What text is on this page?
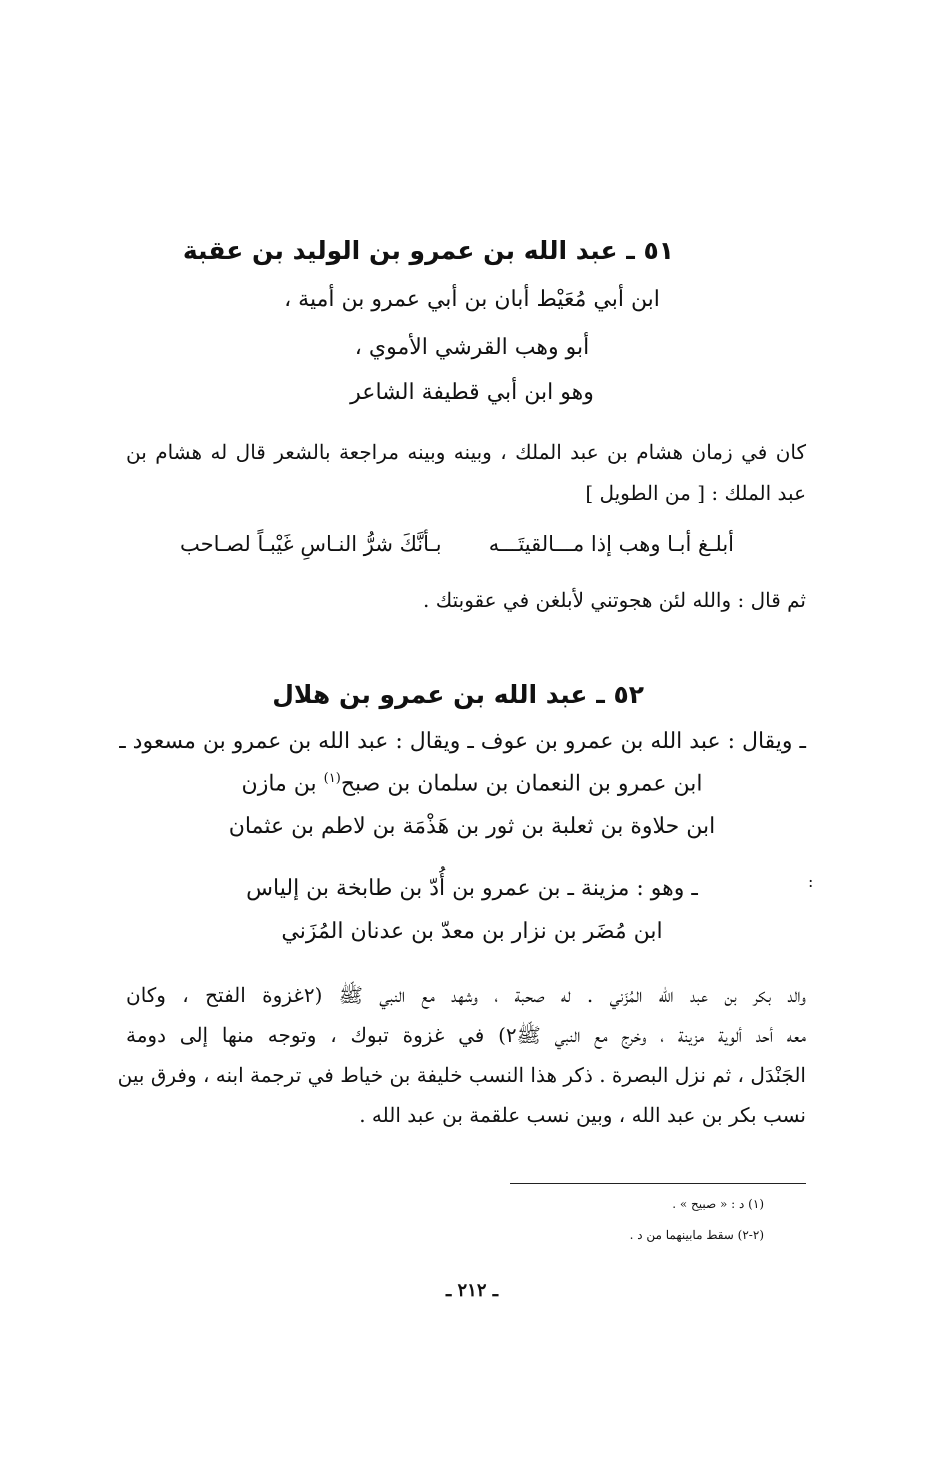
٥١ ـ عبد الله بن عمرو بن الوليد بن عقبة
ابن أبي مُعَيْط أبان بن أبي عمرو بن أمية ،
أبو وهب القرشي الأموي ،
وهو ابن أبي قطيفة الشاعر
كان في زمان هشام بن عبد الملك ، وبينه وبينه مراجعة بالشعر قال له هشام بن
عبد الملك : [ من الطويل ]
أبلـغ أبـا وهب إذا مـــالقيتَـــه
بـأنَّكَ شرُّ النـاسِ غَيْبـاً لصـاحب
ثم قال : والله لئن هجوتني لأبلغن في عقوبتك .
٥٢ ـ عبد الله بن عمرو بن هلال
ـ ويقال : عبد الله بن عمرو بن عوف ـ ويقال : عبد الله بن عمرو بن مسعود ـ
ابن عمرو بن النعمان بن سلمان بن صبح$^{(١)}$ بن مازن
ابن حلاوة بن ثعلبة بن ثور بن هَذْمَة بن لاطم بن عثمان
ـ وهو : مزينة ـ بن عمرو بن أُدّ بن طابخة بن إلياس
ابن مُضَر بن نزار بن معدّ بن عدنان المُزَني
:
والد بكر بن عبد الله المُزَني . له صحبة ، وشهد مع النبي ﷺ (٢غزوة الفتح ، وكان
معه أحد ألوية مزينة ، وخرج مع النبي ﷺ٢) في غزوة تبوك ، وتوجه منها إلى دومة
الجَنْدَل ، ثم نزل البصرة . ذكر هذا النسب خليفة بن خياط في ترجمة ابنه ، وفرق بين
نسب بكر بن عبد الله ، وبين نسب علقمة بن عبد الله .
(١) د : « صبيح » .
(٢-٢) سقط مابينهما من د .
ـ ٢١٢ ـ
